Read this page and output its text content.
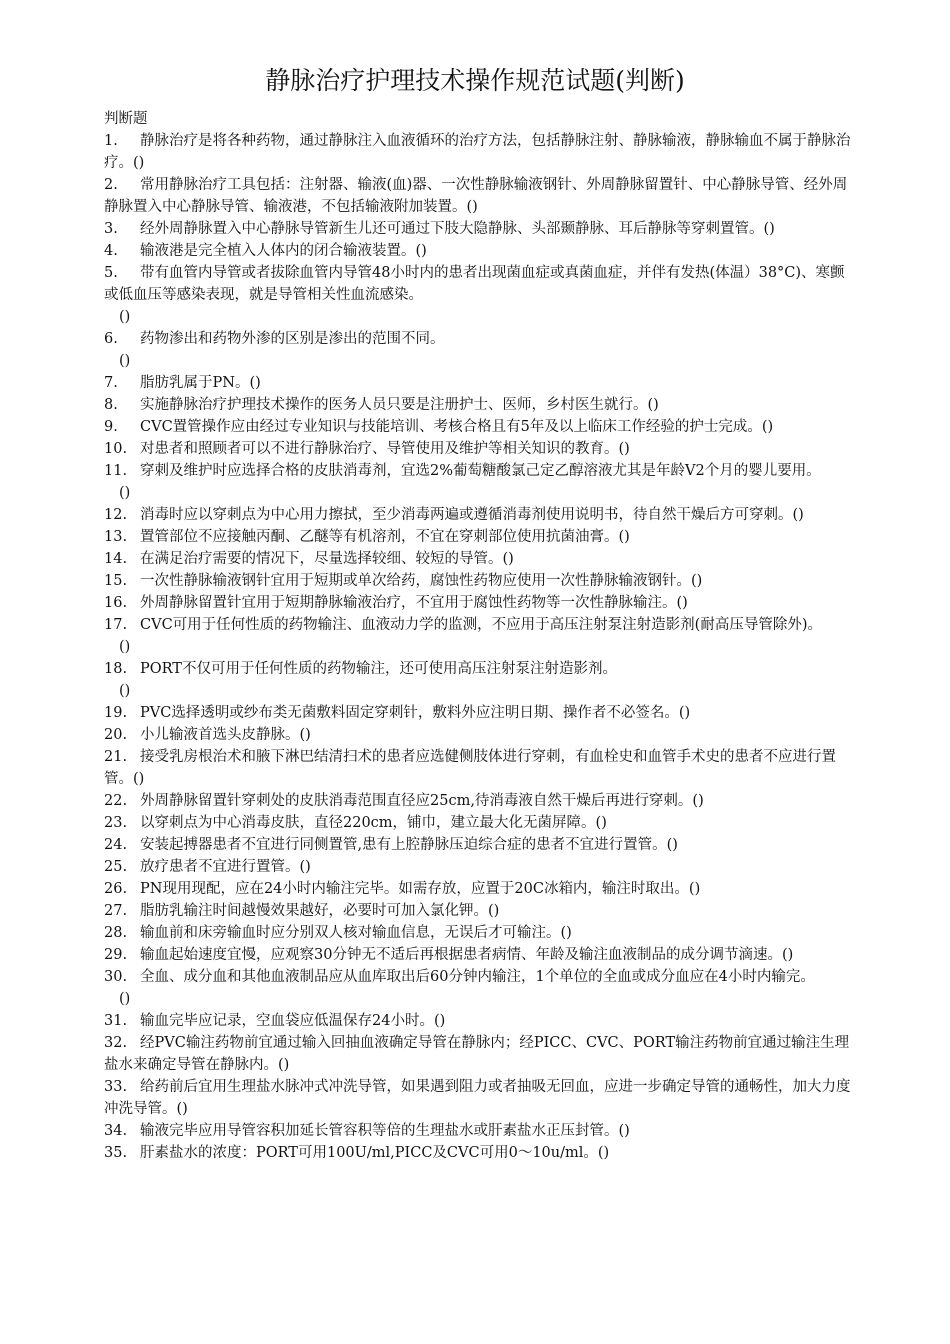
静脉治疗护理技术操作规范试题(判断)

判断题

1. 静脉治疗是将各种药物，通过静脉注入血液循环的治疗方法，包括静脉注射、静脉输液，静脉输血不属于静脉治疗。()

2. 常用静脉治疗工具包括：注射器、输液(血)器、一次性静脉输液钢针、外周静脉留置针、中心静脉导管、经外周静脉置入中心静脉导管、输液港，不包括输液附加装置。()

3. 经外周静脉置入中心静脉导管新生儿还可通过下肢大隐静脉、头部颞静脉、耳后静脉等穿刺置管。()

4. 输液港是完全植入人体内的闭合输液装置。()

5. 带有血管内导管或者拔除血管内导管48小时内的患者出现菌血症或真菌血症，并伴有发热(体温）38°C)、寒颤或低血压等感染表现，就是导管相关性血流感染。
()

6. 药物渗出和药物外渗的区别是渗出的范围不同。
()

7. 脂肪乳属于PN。()

8. 实施静脉治疗护理技术操作的医务人员只要是注册护士、医师，乡村医生就行。()

9. CVC置管操作应由经过专业知识与技能培训、考核合格且有5年及以上临床工作经验的护士完成。()

10. 对患者和照顾者可以不进行静脉治疗、导管使用及维护等相关知识的教育。()

11. 穿刺及维护时应选择合格的皮肤消毒剂，宜选2%葡萄糖酸氯己定乙醇溶液尤其是年龄V2个月的婴儿要用。
()

12. 消毒时应以穿刺点为中心用力擦拭，至少消毒两遍或遵循消毒剂使用说明书，待自然干燥后方可穿刺。()

13. 置管部位不应接触丙酮、乙醚等有机溶剂，不宜在穿刺部位使用抗菌油膏。()

14. 在满足治疗需要的情况下，尽量选择较细、较短的导管。()

15. 一次性静脉输液钢针宜用于短期或单次给药，腐蚀性药物应使用一次性静脉输液钢针。()

16. 外周静脉留置针宜用于短期静脉输液治疗，不宜用于腐蚀性药物等一次性静脉输注。()

17. CVC可用于任何性质的药物输注、血液动力学的监测，不应用于高压注射泵注射造影剂(耐高压导管除外)。
()

18. PORT不仅可用于任何性质的药物输注，还可使用高压注射泵注射造影剂。
()

19. PVC选择透明或纱布类无菌敷料固定穿刺针，敷料外应注明日期、操作者不必签名。()

20. 小儿输液首选头皮静脉。()

21. 接受乳房根治术和腋下淋巴结清扫术的患者应选健侧肢体进行穿刺，有血栓史和血管手术史的患者不应进行置管。()

22. 外周静脉留置针穿刺处的皮肤消毒范围直径应25cm,待消毒液自然干燥后再进行穿刺。()

23. 以穿刺点为中心消毒皮肤，直径220cm，铺巾，建立最大化无菌屏障。()

24. 安装起搏器患者不宜进行同侧置管,患有上腔静脉压迫综合症的患者不宜进行置管。()

25. 放疗患者不宜进行置管。()

26. PN现用现配，应在24小时内输注完毕。如需存放，应置于20C冰箱内，输注时取出。()

27. 脂肪乳输注时间越慢效果越好，必要时可加入氯化钾。()

28. 输血前和床旁输血时应分别双人核对输血信息，无误后才可输注。()

29. 输血起始速度宜慢，应观察30分钟无不适后再根据患者病情、年龄及输注血液制品的成分调节滴速。()

30. 全血、成分血和其他血液制品应从血库取出后60分钟内输注，1个单位的全血或成分血应在4小时内输完。
()

31. 输血完毕应记录，空血袋应低温保存24小时。()

32. 经PVC输注药物前宜通过输入回抽血液确定导管在静脉内；经PICC、CVC、PORT输注药物前宜通过输注生理盐水来确定导管在静脉内。()

33. 给药前后宜用生理盐水脉冲式冲洗导管，如果遇到阻力或者抽吸无回血，应进一步确定导管的通畅性，加大力度冲洗导管。()

34. 输液完毕应用导管容积加延长管容积等倍的生理盐水或肝素盐水正压封管。()

35. 肝素盐水的浓度：PORT可用100U/ml,PICC及CVC可用0～10u/ml。()
